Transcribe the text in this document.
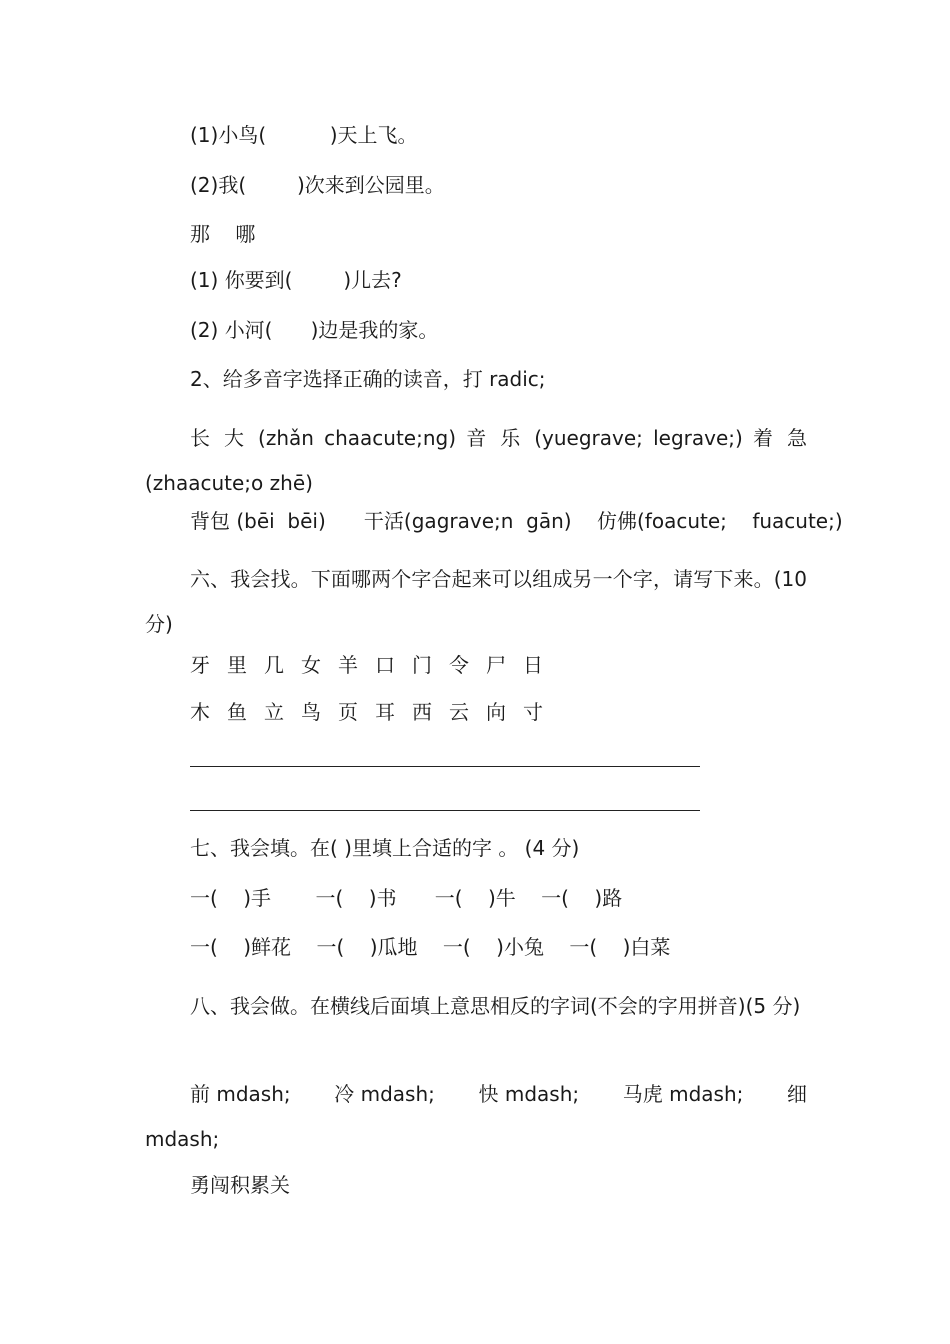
(1)小鸟(          )天上飞。
(2)我(        )次来到公园里。
那    哪
(1) 你要到(        )儿去?
(2) 小河(      )边是我的家。
2、给多音字选择正确的读音，打 radic;
长 大 (zhǎn chaacute;ng) 音 乐 (yuegrave; legrave;) 着 急 (zhaacute;o zhē)
背包 (bēi  bēi)      干活(gagrave;n  gān)    仿佛(foacute;    fuacute;)
六、我会找。下面哪两个字合起来可以组成另一个字，请写下来。(10 分)
牙 里 几 女 羊 口 门 令 尸 日
木 鱼 立 鸟 页 耳 西 云 向 寸
七、我会填。在( )里填上合适的字 。 (4 分)
一(    )手       一(    )书      一(    )牛    一(    )路
一(    )鲜花    一(    )瓜地    一(    )小兔    一(    )白菜
八、我会做。在横线后面填上意思相反的字词(不会的字用拼音)(5 分)
前 mdash; 冷 mdash; 快 mdash; 马虎 mdash; 细
mdash;
勇闯积累关
